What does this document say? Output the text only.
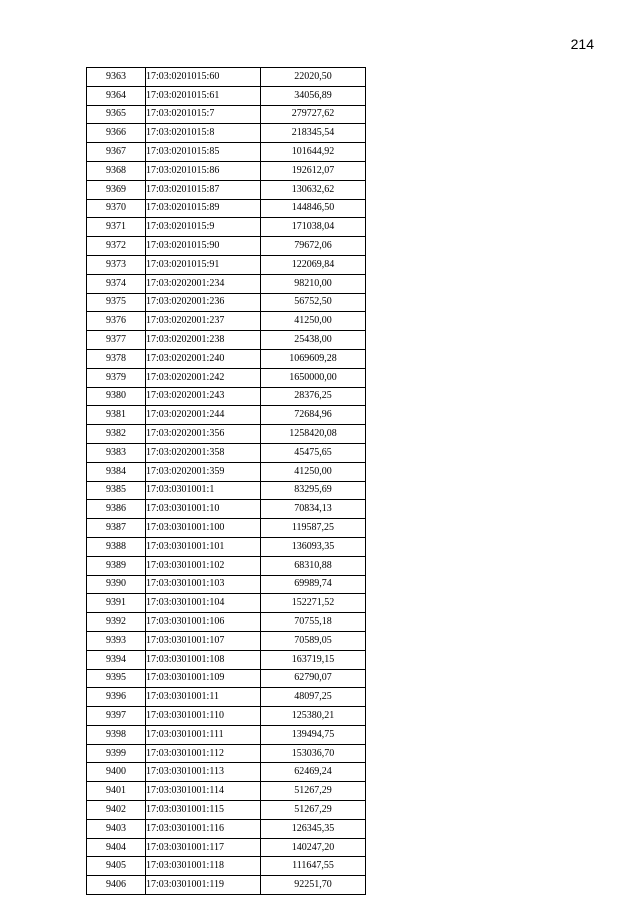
214
9363	17:03:0201015:60	22020,50
9364	17:03:0201015:61	34056,89
9365	17:03:0201015:7	279727,62
9366	17:03:0201015:8	218345,54
9367	17:03:0201015:85	101644,92
9368	17:03:0201015:86	192612,07
9369	17:03:0201015:87	130632,62
9370	17:03:0201015:89	144846,50
9371	17:03:0201015:9	171038,04
9372	17:03:0201015:90	79672,06
9373	17:03:0201015:91	122069,84
9374	17:03:0202001:234	98210,00
9375	17:03:0202001:236	56752,50
9376	17:03:0202001:237	41250,00
9377	17:03:0202001:238	25438,00
9378	17:03:0202001:240	1069609,28
9379	17:03:0202001:242	1650000,00
9380	17:03:0202001:243	28376,25
9381	17:03:0202001:244	72684,96
9382	17:03:0202001:356	1258420,08
9383	17:03:0202001:358	45475,65
9384	17:03:0202001:359	41250,00
9385	17:03:0301001:1	83295,69
9386	17:03:0301001:10	70834,13
9387	17:03:0301001:100	119587,25
9388	17:03:0301001:101	136093,35
9389	17:03:0301001:102	68310,88
9390	17:03:0301001:103	69989,74
9391	17:03:0301001:104	152271,52
9392	17:03:0301001:106	70755,18
9393	17:03:0301001:107	70589,05
9394	17:03:0301001:108	163719,15
9395	17:03:0301001:109	62790,07
9396	17:03:0301001:11	48097,25
9397	17:03:0301001:110	125380,21
9398	17:03:0301001:111	139494,75
9399	17:03:0301001:112	153036,70
9400	17:03:0301001:113	62469,24
9401	17:03:0301001:114	51267,29
9402	17:03:0301001:115	51267,29
9403	17:03:0301001:116	126345,35
9404	17:03:0301001:117	140247,20
9405	17:03:0301001:118	111647,55
9406	17:03:0301001:119	92251,70
